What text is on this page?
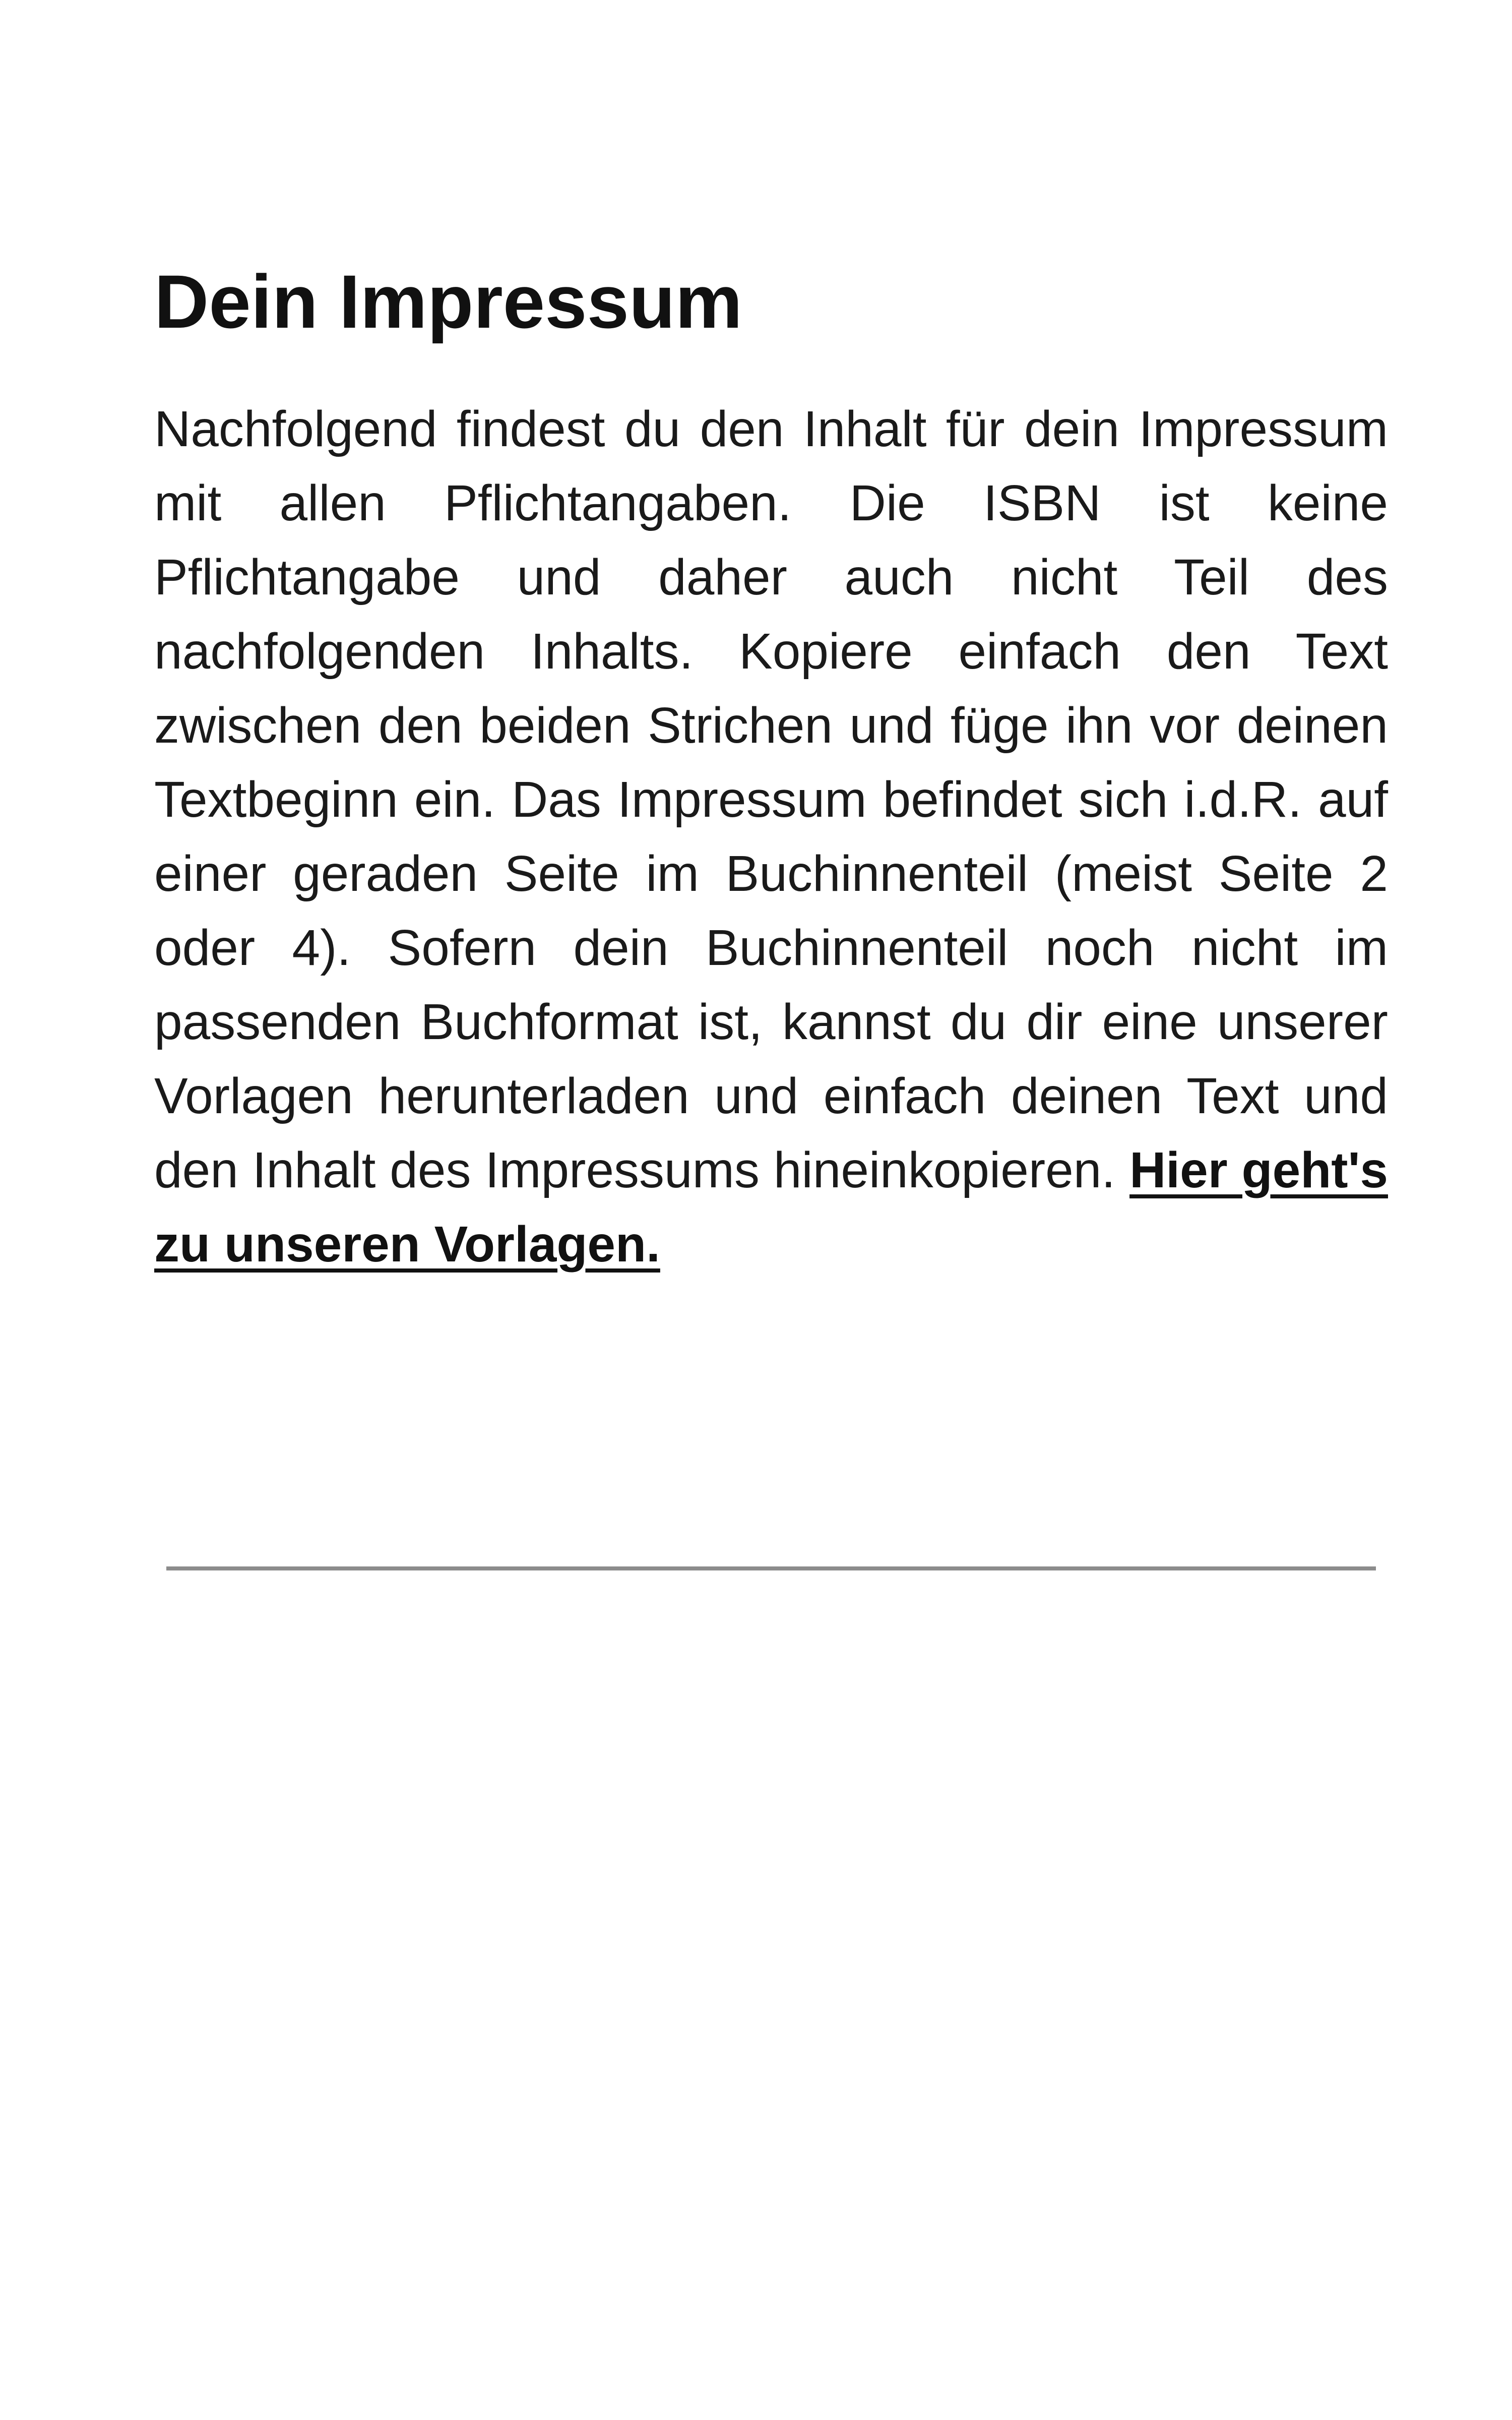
Dein Impressum

Nachfolgend findest du den Inhalt für dein Impressum mit allen Pflichtangaben. Die ISBN ist keine Pflichtangabe und daher auch nicht Teil des nachfolgenden Inhalts. Kopiere einfach den Text zwischen den beiden Strichen und füge ihn vor deinen Textbeginn ein. Das Impressum befindet sich i.d.R. auf einer geraden Seite im Buchinnenteil (meist Seite 2 oder 4). Sofern dein Buchinnenteil noch nicht im passenden Buchformat ist, kannst du dir eine unserer Vorlagen herunterladen und einfach deinen Text und den Inhalt des Impressums hineinkopieren. Hier geht's zu unseren Vorlagen.
